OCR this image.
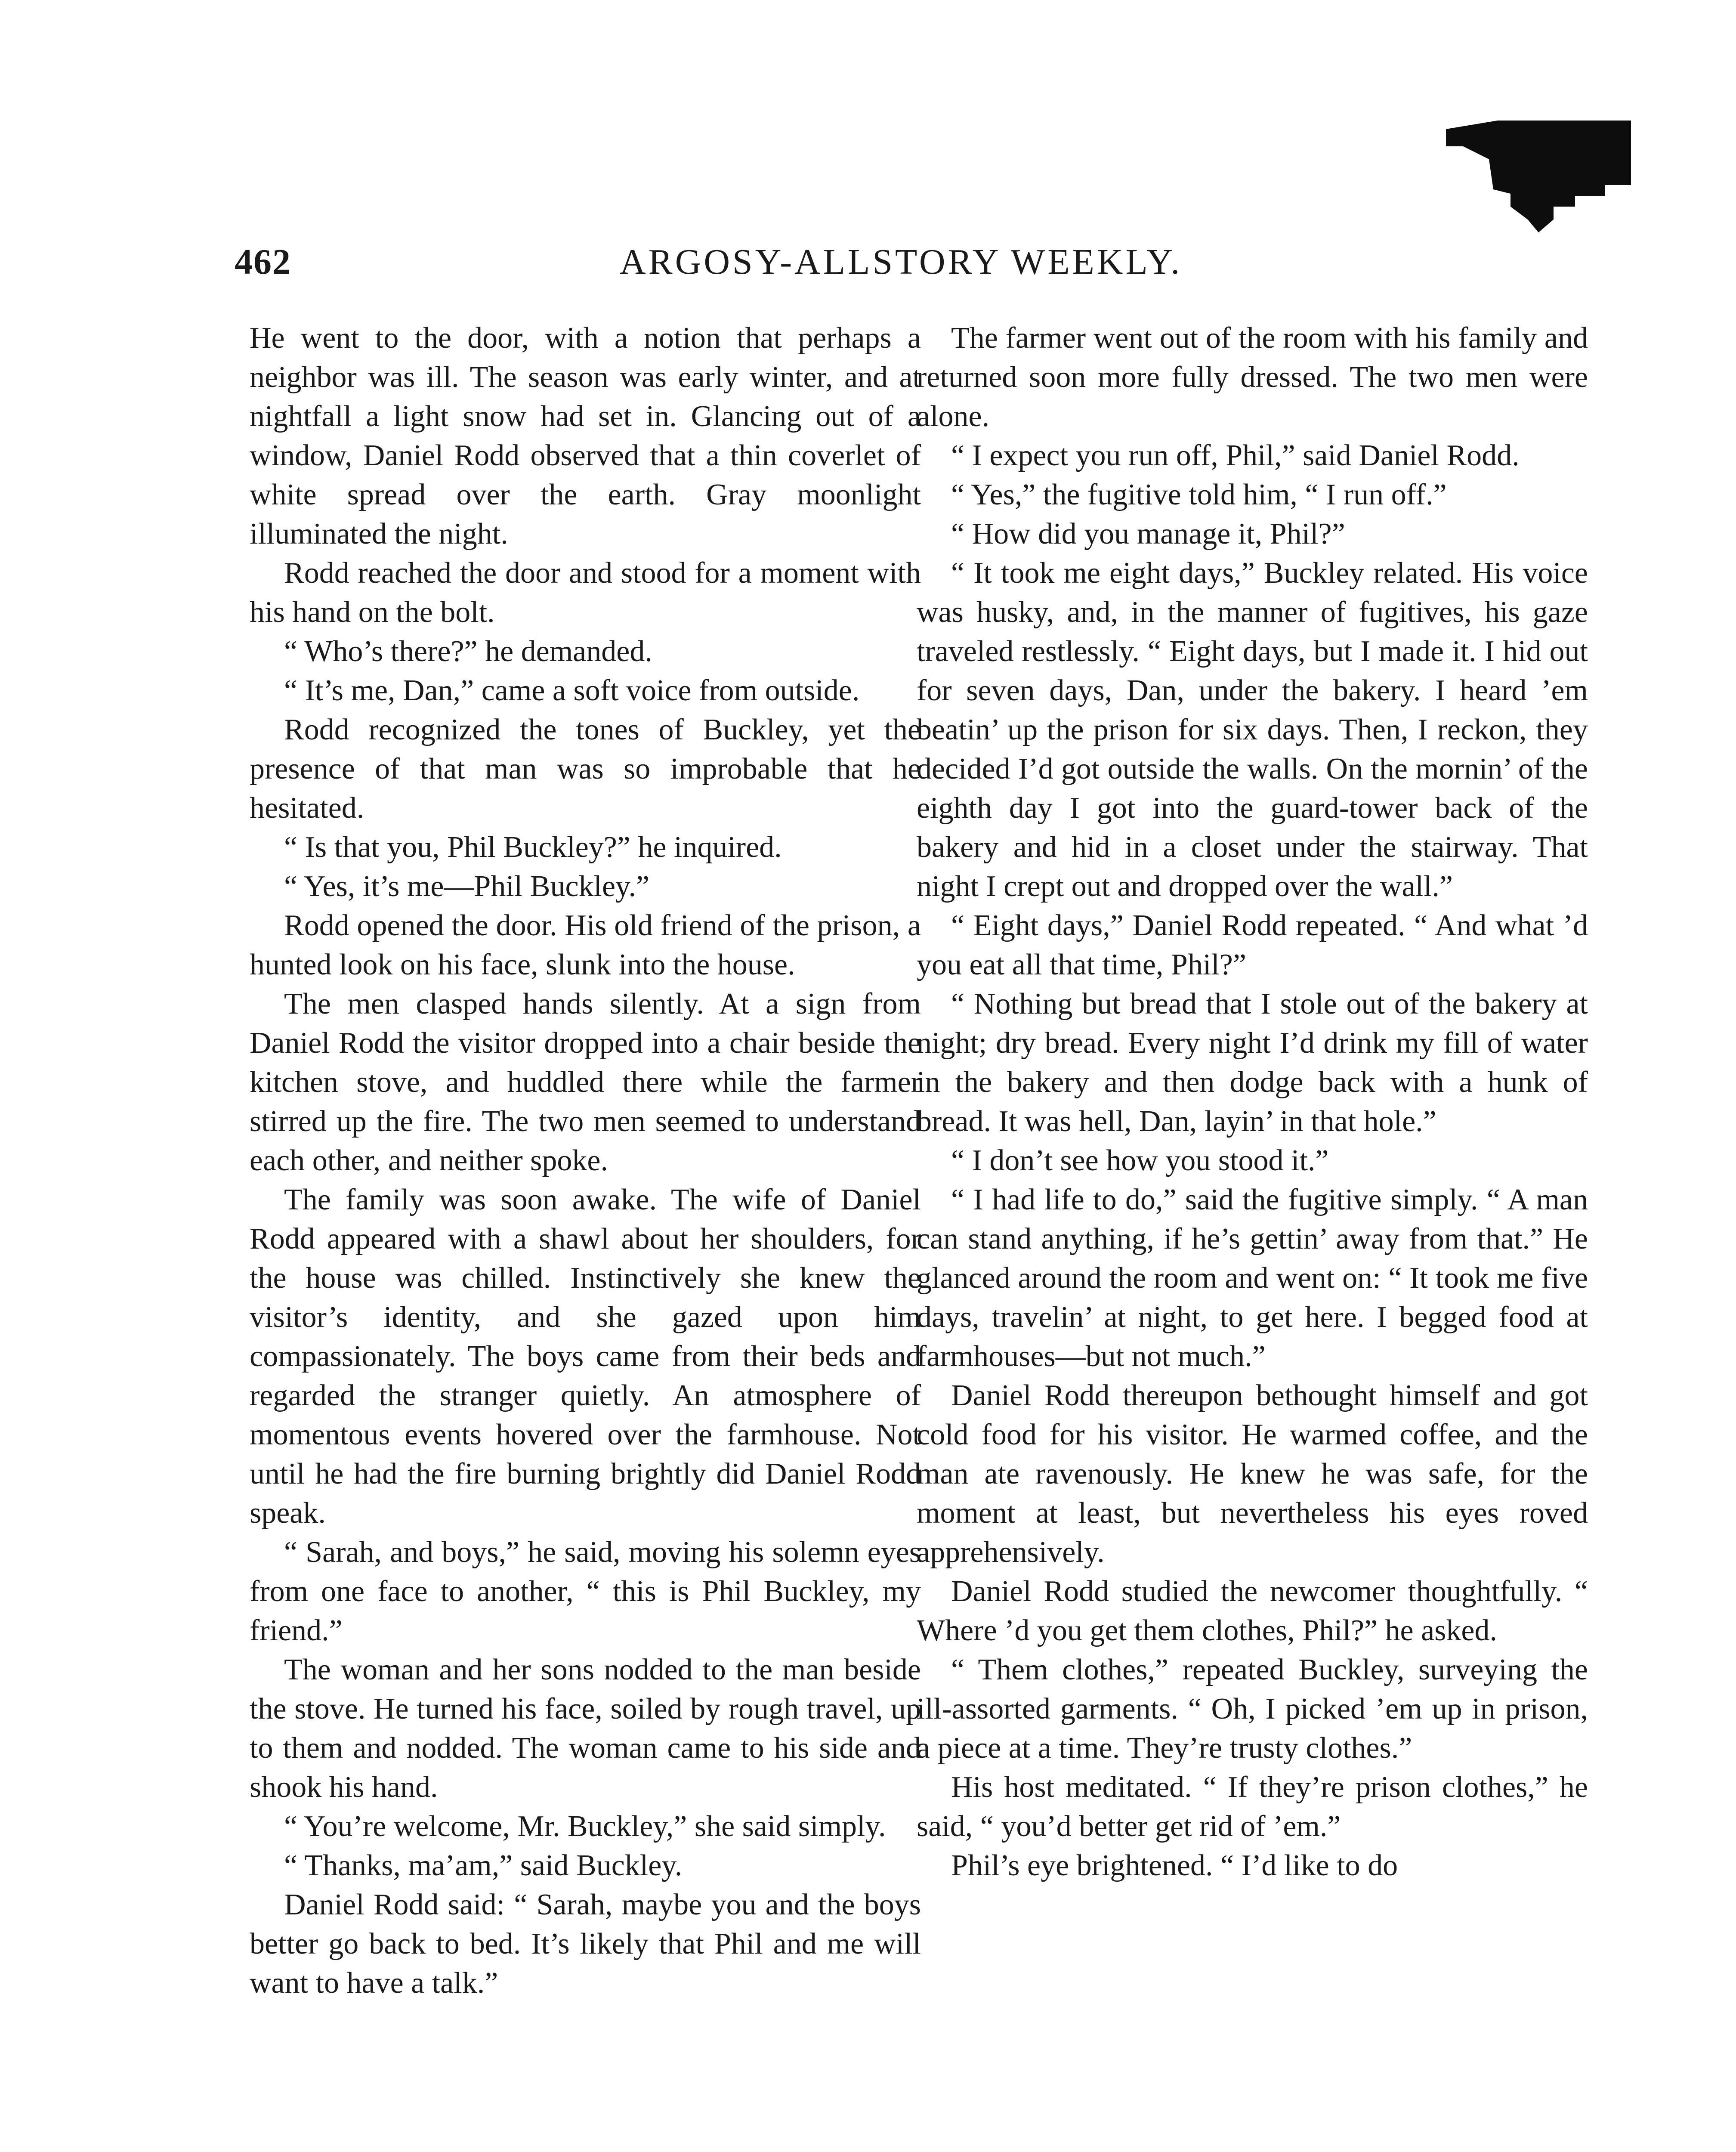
462	ARGOSY-ALLSTORY WEEKLY.

He went to the door, with a notion that perhaps a neighbor was ill. The season was early winter, and at nightfall a light snow had set in. Glancing out of a window, Daniel Rodd observed that a thin coverlet of white spread over the earth. Gray moonlight illuminated the night.

Rodd reached the door and stood for a moment with his hand on the bolt.

“ Who’s there?” he demanded.

“ It’s me, Dan,” came a soft voice from outside.

Rodd recognized the tones of Buckley, yet the presence of that man was so improbable that he hesitated.

“ Is that you, Phil Buckley?” he inquired.

“ Yes, it’s me—Phil Buckley.”

Rodd opened the door. His old friend of the prison, a hunted look on his face, slunk into the house.

The men clasped hands silently. At a sign from Daniel Rodd the visitor dropped into a chair beside the kitchen stove, and huddled there while the farmer stirred up the fire. The two men seemed to understand each other, and neither spoke.

The family was soon awake. The wife of Daniel Rodd appeared with a shawl about her shoulders, for the house was chilled. Instinctively she knew the visitor’s identity, and she gazed upon him compassionately. The boys came from their beds and regarded the stranger quietly. An atmosphere of momentous events hovered over the farmhouse. Not until he had the fire burning brightly did Daniel Rodd speak.

“ Sarah, and boys,” he said, moving his solemn eyes from one face to another, “ this is Phil Buckley, my friend.”

The woman and her sons nodded to the man beside the stove. He turned his face, soiled by rough travel, up to them and nodded. The woman came to his side and shook his hand.

“ You’re welcome, Mr. Buckley,” she said simply.

“ Thanks, ma’am,” said Buckley.

Daniel Rodd said: “ Sarah, maybe you and the boys better go back to bed. It’s likely that Phil and me will want to have a talk.”

The farmer went out of the room with his family and returned soon more fully dressed. The two men were alone.

“ I expect you run off, Phil,” said Daniel Rodd.

“ Yes,” the fugitive told him, “ I run off.”

“ How did you manage it, Phil?”

“ It took me eight days,” Buckley related. His voice was husky, and, in the manner of fugitives, his gaze traveled restlessly. “ Eight days, but I made it. I hid out for seven days, Dan, under the bakery. I heard ’em beatin’ up the prison for six days. Then, I reckon, they decided I’d got outside the walls. On the mornin’ of the eighth day I got into the guard-tower back of the bakery and hid in a closet under the stairway. That night I crept out and dropped over the wall.”

“ Eight days,” Daniel Rodd repeated. “ And what ’d you eat all that time, Phil?”

“ Nothing but bread that I stole out of the bakery at night; dry bread. Every night I’d drink my fill of water in the bakery and then dodge back with a hunk of bread. It was hell, Dan, layin’ in that hole.”

“ I don’t see how you stood it.”

“ I had life to do,” said the fugitive simply. “ A man can stand anything, if he’s gettin’ away from that.” He glanced around the room and went on: “ It took me five days, travelin’ at night, to get here. I begged food at farmhouses—but not much.”

Daniel Rodd thereupon bethought himself and got cold food for his visitor. He warmed coffee, and the man ate ravenously. He knew he was safe, for the moment at least, but nevertheless his eyes roved apprehensively.

Daniel Rodd studied the newcomer thoughtfully. “ Where ’d you get them clothes, Phil?” he asked.

“ Them clothes,” repeated Buckley, surveying the ill-assorted garments. “ Oh, I picked ’em up in prison, a piece at a time. They’re trusty clothes.”

His host meditated. “ If they’re prison clothes,” he said, “ you’d better get rid of ’em.”

Phil’s eye brightened. “ I’d like to do
